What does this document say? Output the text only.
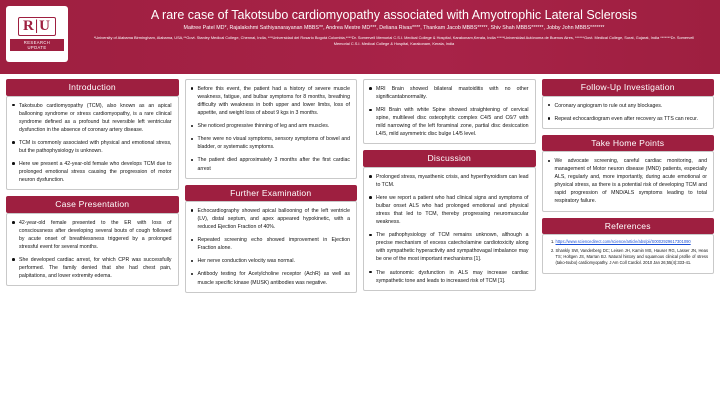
R|U
RESEARCH
UPDATE
A rare case of Takotsubo cardiomyopathy associated with Amyotrophic Lateral Sclerosis
Maitree Patel MD*, Rajalakshmi Sathiyanarayanan MBBS**, Andrea Mestre MD***, Deliana Rivas****, Thankam Jacob MBBS*****, Shiv Shah MBBS******, Jobby John MBBS*******
*University of Alabama Birmingham, Alabama, USA,**Govt. Stanley Medical College, Chennai, India, ***Universidad del Rosario Bogotá Colombia,****Dr. Somervell Memorial C.S.I. Medical College & Hospital, Karakonam,Kerala, India *****Universidad Autónoma de Buenos Aires, ******Govt. Medical College, Surat, Gujarat, India *******Dr. Somervell Memorial C.S.I. Medical College & Hospital, Karakonam, Kerala, India
Introduction
Takotsubo cardiomyopathy (TCM), also known as an apical ballooning syndrome or stress cardiomyopathy, is a rare clinical syndrome defined as a profound but reversible left ventricular dysfunction in the absence of coronary artery disease.
TCM is commonly associated with physical and emotional stress, but the pathophysiology is unknown.
Here we present a 42-year-old female who develops TCM due to prolonged emotional stress causing the progression of motor neuron dysfunction.
Case Presentation
42-year-old female presented to the ER with loss of consciousness after developing several bouts of cough followed by acute onset of breathlessness triggered by a prolonged stressful event for several months.
She developed cardiac arrest, for which CPR was successfully performed. The family denied that she had chest pain, palpitations, and lower extremity edema.
Before this event, the patient had a history of severe muscle weakness, fatigue, and bulbar symptoms for 8 months, breathing difficulty with weakness in both upper and lower limbs, loss of appetite, and weight loss of about 9 kgs in 3 months.
She noticed progressive thinning of leg and arm muscles.
There were no visual symptoms, sensory symptoms of bowel and bladder, or systematic symptoms.
The patient died approximately 3 months after the first cardiac arrest
Further Examination
Echocardiography showed apical ballooning of the left ventricle (LV), distal septum, and apex appeared hypokinetic, with a reduced Ejection Fraction of 40%.
Repeated screening echo showed improvement in Ejection Fraction alone.
Her nerve conduction velocity was normal.
Antibody testing for Acetylcholine receptor (AchR) as well as muscle specific kinase (MUSK) antibodies was negative.
MRI Brain showed bilateral mastoiditis with no other significantabnormality.
MRI Brain with white Spine showed straightening of cervical spine, multilevel disc osteophytic complex C4/5 and C6/7 with mild narrowing of the left foraminal zone, partial disc desiccation L4/5, mild asymmetric disc bulge L4/5 level.
Discussion
Prolonged stress, myasthenic crisis, and hyperthyroidism can lead to TCM.
Here we report a patient who had clinical signs and symptoms of bulbar onset ALS who had prolonged emotional and physical stress that led to TCM, thereby progressing neuromuscular weakness.
The pathophysiology of TCM remains unknown, although a precise mechanism of excess catecholamine cardiotoxicity along with sympathetic hyperactivity and sympathovagal imbalance may be one of the most important mechanisms [1].
The autonomic dysfunction in ALS may increase cardiac sympathetic tone and leads to increased risk of TCM [1].
Follow-Up Investigation
Coronary angiogram to rule out any blockages.
Repeat echocardiogram even after recovery as TTS can recur.
Take Home Points
We advocate screening, careful cardiac monitoring, and management of Motor neuron disease (MND) patients, especially ALS, regularly and, more importantly, during acute emotional or physical stress, as there is a potential risk of developing TCM and rapid progression of MND/ALS symptoms leading to total respiratory failure.
References
1. https://www.sciencedirect.com/science/article/abs/pii/S0002929617301090
2. Shankly SW, Vanderberg DC; Leisen JH, Kamin MS, Hauser RG, Lasser JN, Heas TS; Holtgen JS, Marran BJ. Natural history and squamous clinical profile of stress (tako-tsubo) cardiomyopathy. J Am Coll Cardiol. 2010 Jan 26;55(4):333-41.
